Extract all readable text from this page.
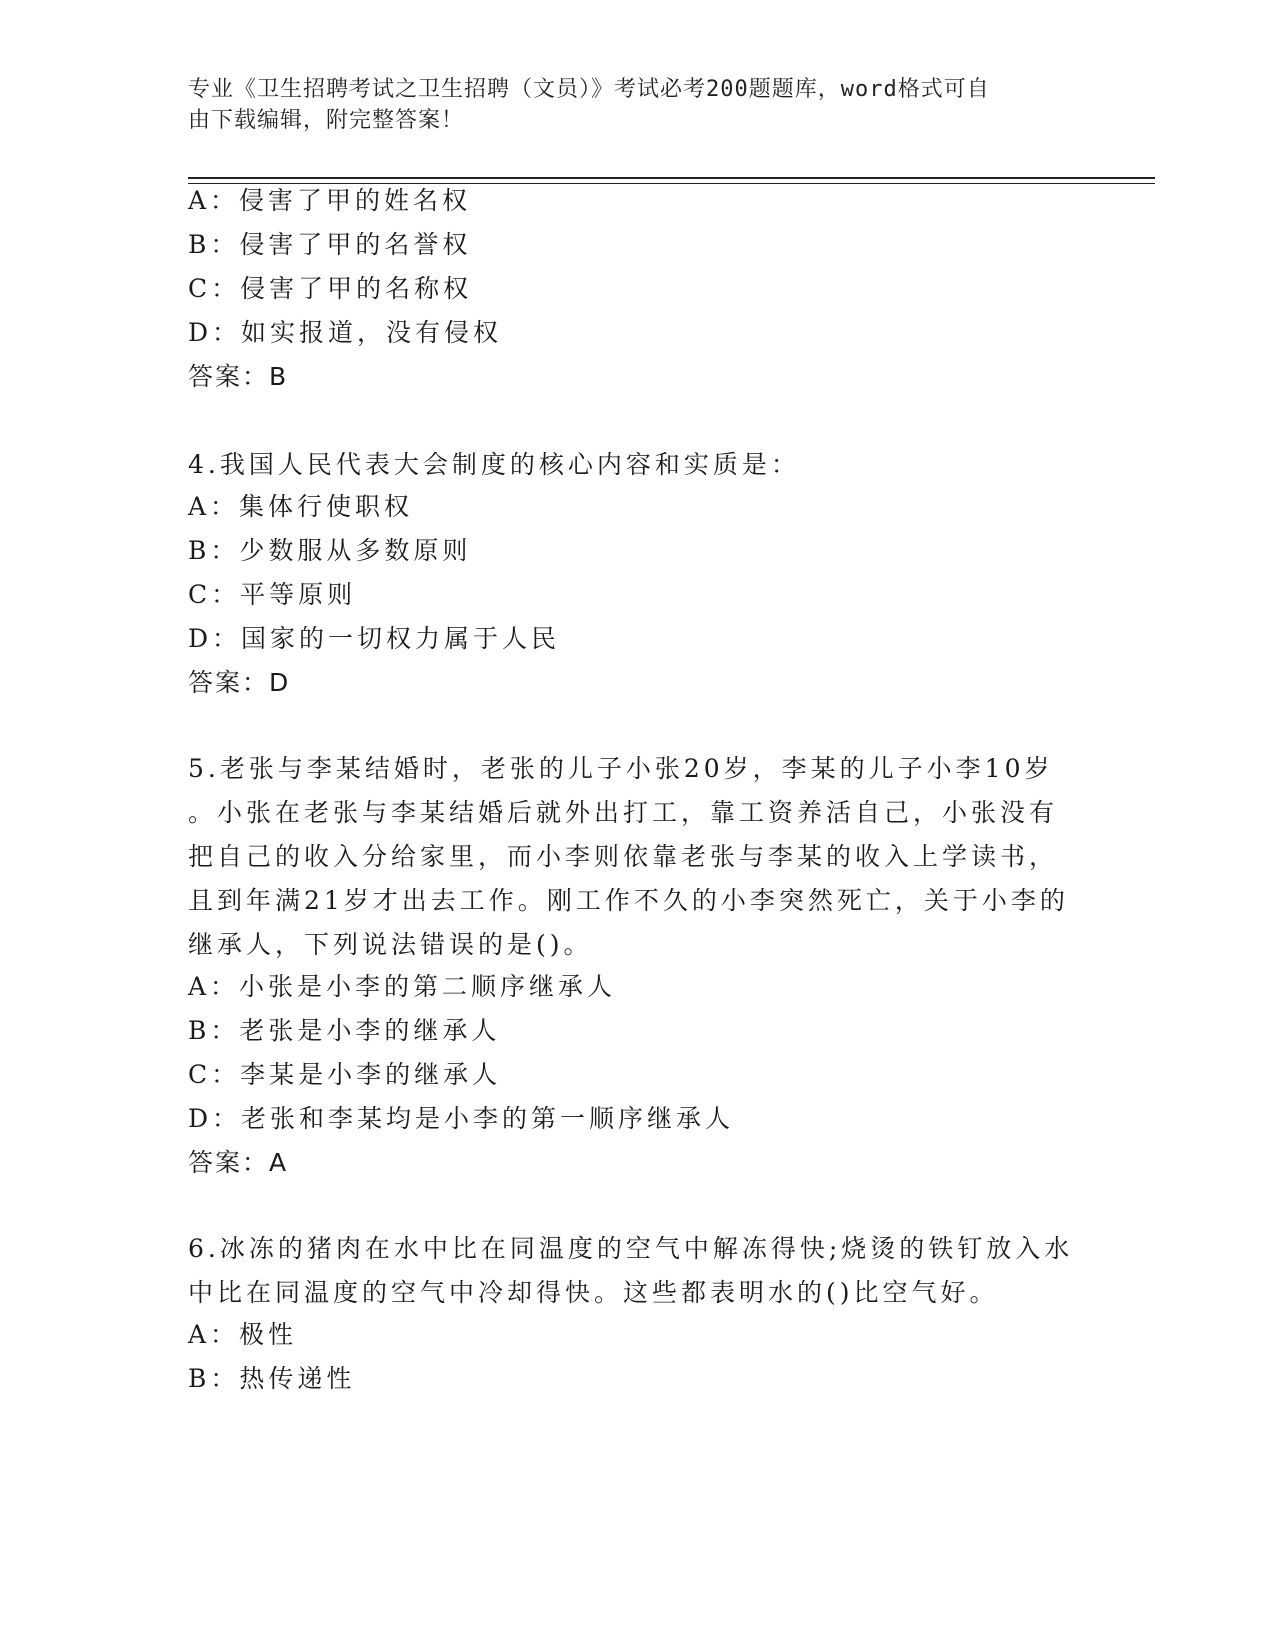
专业《卫生招聘考试之卫生招聘（文员）》考试必考200题题库，word格式可自
由下载编辑，附完整答案！
A：侵害了甲的姓名权
B：侵害了甲的名誉权
C：侵害了甲的名称权
D：如实报道，没有侵权
答案：B
4.我国人民代表大会制度的核心内容和实质是：
A：集体行使职权
B：少数服从多数原则
C：平等原则
D：国家的一切权力属于人民
答案：D
5.老张与李某结婚时，老张的儿子小张20岁，李某的儿子小李10岁
。小张在老张与李某结婚后就外出打工，靠工资养活自己，小张没有
把自己的收入分给家里，而小李则依靠老张与李某的收入上学读书，
且到年满21岁才出去工作。刚工作不久的小李突然死亡，关于小李的
继承人，下列说法错误的是()。
A：小张是小李的第二顺序继承人
B：老张是小李的继承人
C：李某是小李的继承人
D：老张和李某均是小李的第一顺序继承人
答案：A
6.冰冻的猪肉在水中比在同温度的空气中解冻得快;烧烫的铁钉放入水
中比在同温度的空气中冷却得快。这些都表明水的()比空气好。
A：极性
B：热传递性
